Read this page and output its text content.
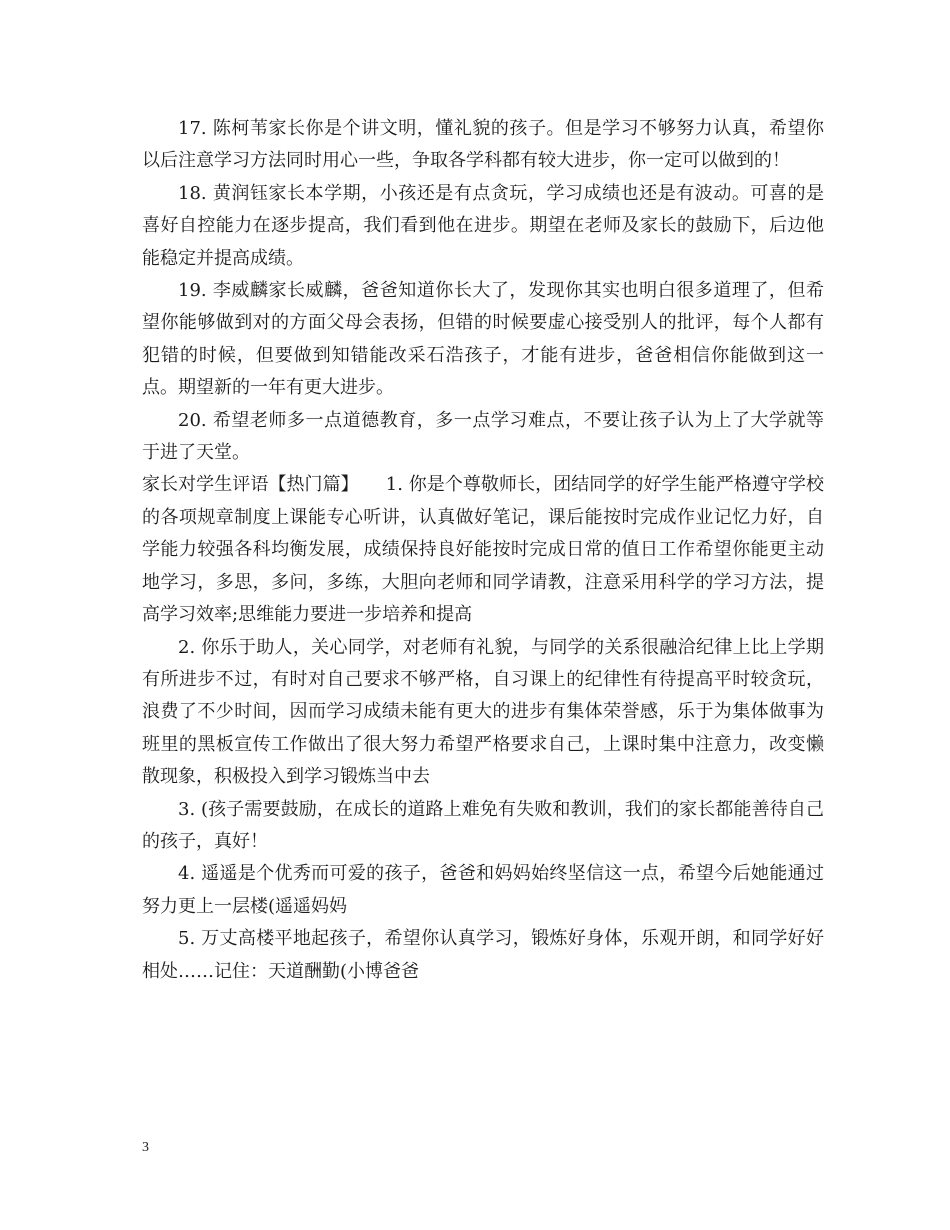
17. 陈柯苇家长你是个讲文明，懂礼貌的孩子。但是学习不够努力认真，希望你以后注意学习方法同时用心一些，争取各学科都有较大进步，你一定可以做到的！

18. 黄润钰家长本学期，小孩还是有点贪玩，学习成绩也还是有波动。可喜的是喜好自控能力在逐步提高，我们看到他在进步。期望在老师及家长的鼓励下，后边他能稳定并提高成绩。

19. 李威麟家长威麟，爸爸知道你长大了，发现你其实也明白很多道理了，但希望你能够做到对的方面父母会表扬，但错的时候要虚心接受别人的批评，每个人都有犯错的时候，但要做到知错能改采石浩孩子，才能有进步，爸爸相信你能做到这一点。期望新的一年有更大进步。

20. 希望老师多一点道德教育，多一点学习难点，不要让孩子认为上了大学就等于进了天堂。

家长对学生评语【热门篇】　　1. 你是个尊敬师长，团结同学的好学生能严格遵守学校的各项规章制度上课能专心听讲，认真做好笔记，课后能按时完成作业记忆力好，自学能力较强各科均衡发展，成绩保持良好能按时完成日常的值日工作希望你能更主动地学习，多思，多问，多练，大胆向老师和同学请教，注意采用科学的学习方法，提高学习效率;思维能力要进一步培养和提高

2. 你乐于助人，关心同学，对老师有礼貌，与同学的关系很融洽纪律上比上学期有所进步不过，有时对自己要求不够严格，自习课上的纪律性有待提高平时较贪玩，浪费了不少时间，因而学习成绩未能有更大的进步有集体荣誉感，乐于为集体做事为班里的黑板宣传工作做出了很大努力希望严格要求自己，上课时集中注意力，改变懒散现象，积极投入到学习锻炼当中去

3. (孩子需要鼓励，在成长的道路上难免有失败和教训，我们的家长都能善待自己的孩子，真好！

4. 遥遥是个优秀而可爱的孩子，爸爸和妈妈始终坚信这一点，希望今后她能通过努力更上一层楼(遥遥妈妈

5. 万丈高楼平地起孩子，希望你认真学习，锻炼好身体，乐观开朗，和同学好好相处……记住：天道酬勤(小博爸爸

3
